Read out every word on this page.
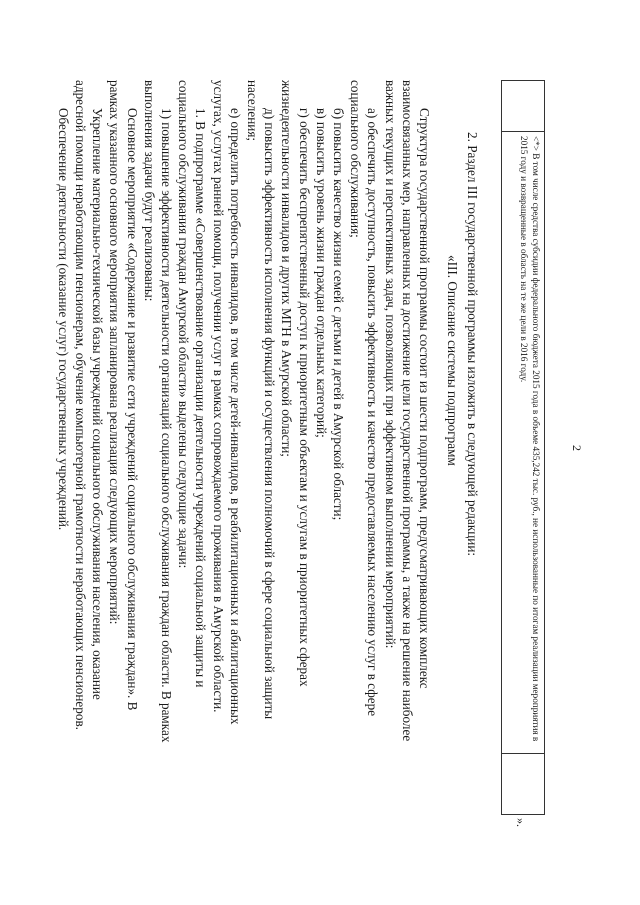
2
<*> В том числе средства субсидии федерального бюджета 2015 года в объеме 435,242 тыс. руб., не использованные по итогам реализации мероприятия в 2015 году и возвращенные в область на те же цели в 2016 году.
».
2. Раздел III государственной программы изложить в следующей редакции:
«III. Описание системы подпрограмм
Структура государственной программы состоит из шести подпрограмм, предусматривающих комплекс
взаимосвязанных мер, направленных на достижение цели государственной программы, а также на решение наиболее
важных текущих и перспективных задач, позволяющих при эффективном выполнении мероприятий:
а) обеспечить доступность, повысить эффективность и качество предоставляемых населению услуг в сфере
социального обслуживания;
б) повысить качество жизни семей с детьми и детей в Амурской области;
в) повысить уровень жизни граждан отдельных категорий;
г) обеспечить беспрепятственный доступ к приоритетным объектам и услугам в приоритетных сферах
жизнедеятельности инвалидов и других МГН в Амурской области;
д) повысить эффективность исполнения функций и осуществления полномочий в сфере социальной защиты
населения;
е) определить потребность инвалидов, в том числе детей-инвалидов, в реабилитационных и абилитационных
услугах, услугах ранней помощи, получении услуг в рамках сопровождаемого проживания в Амурской области.
1. В подпрограмме «Совершенствование организации деятельности учреждений социальной защиты и
социального обслуживания граждан Амурской области» выделены следующие задачи:
1) повышение эффективности деятельности организаций социального обслуживания граждан области. В рамках
выполнения задачи будут реализованы:
Основное мероприятие «Содержание и развитие сети учреждений социального обслуживания граждан». В
рамках указанного основного мероприятия запланирована реализация следующих мероприятий:
Укрепление материально-технической базы учреждений социального обслуживания населения, оказание
адресной помощи неработающим пенсионерам, обучение компьютерной грамотности неработающих пенсионеров.
Обеспечение деятельности (оказание услуг) государственных учреждений.
